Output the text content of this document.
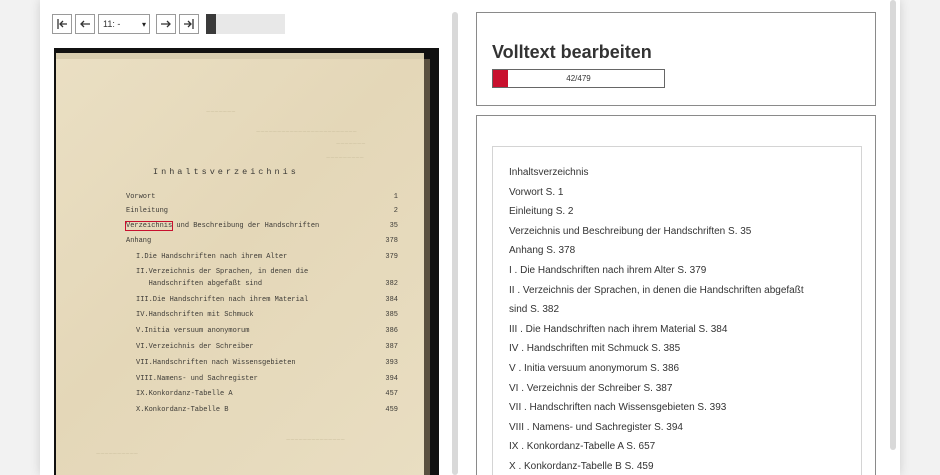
11: -	▾
~~~~~~~
~~~~~~~~~~~~~~~~~~~~~~~~
~~~~~~~
~~~~~~~~~
~~~~~~~~~~~~~~
~~~~~~~~~~
Inhaltsverzeichnis
Vorwort	1
Einleitung	2
Verzeichnis und Beschreibung der Handschriften	35
Anhang	378
I.Die Handschriften nach ihrem Alter	379
II.Verzeichnis der Sprachen, in denen die
Handschriften abgefaßt sind	382
III.Die Handschriften nach ihrem Material	384
IV.Handschriften mit Schmuck	385
V.Initia versuum anonymorum	386
VI.Verzeichnis der Schreiber	387
VII.Handschriften nach Wissensgebieten	393
VIII.Namens- und Sachregister	394
IX.Konkordanz-Tabelle A	457
X.Konkordanz-Tabelle B	459
Volltext bearbeiten
42/479
Inhaltsverzeichnis
Vorwort S. 1
Einleitung S. 2
Verzeichnis und Beschreibung der Handschriften S. 35
Anhang S. 378
I . Die Handschriften nach ihrem Alter S. 379
II . Verzeichnis der Sprachen, in denen die Handschriften abgefaßt
sind S. 382
III . Die Handschriften nach ihrem Material S. 384
IV . Handschriften mit Schmuck S. 385
V . Initia versuum anonymorum S. 386
VI . Verzeichnis der Schreiber S. 387
VII . Handschriften nach Wissensgebieten S. 393
VIII . Namens- und Sachregister S. 394
IX . Konkordanz-Tabelle A S. 657
X . Konkordanz-Tabelle B S. 459
